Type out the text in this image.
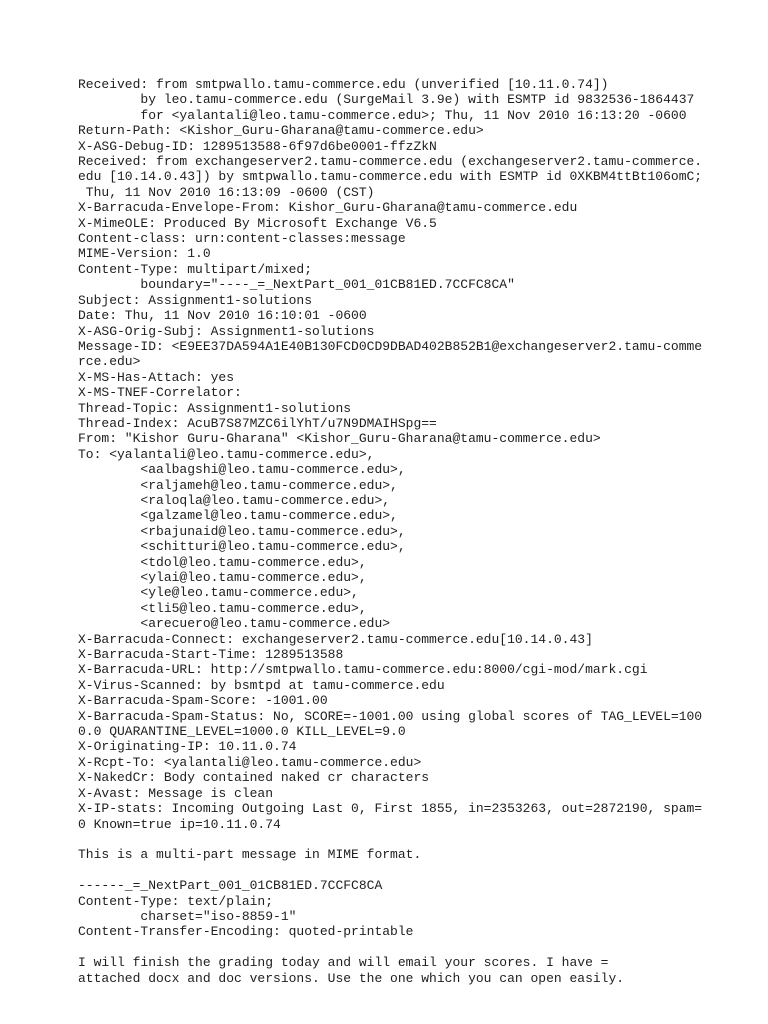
Received: from smtpwallo.tamu-commerce.edu (unverified [10.11.0.74])
by leo.tamu-commerce.edu (SurgeMail 3.9e) with ESMTP id 9832536-1864437
for <yalantali@leo.tamu-commerce.edu>; Thu, 11 Nov 2010 16:13:20 -0600
Return-Path: <Kishor_Guru-Gharana@tamu-commerce.edu>
X-ASG-Debug-ID: 1289513588-6f97d6be0001-ffzZkN
Received: from exchangeserver2.tamu-commerce.edu (exchangeserver2.tamu-commerce.
edu [10.14.0.43]) by smtpwallo.tamu-commerce.edu with ESMTP id 0XKBM4ttBt106omC;
Thu, 11 Nov 2010 16:13:09 -0600 (CST)
X-Barracuda-Envelope-From: Kishor_Guru-Gharana@tamu-commerce.edu
X-MimeOLE: Produced By Microsoft Exchange V6.5
Content-class: urn:content-classes:message
MIME-Version: 1.0
Content-Type: multipart/mixed;
boundary="----_=_NextPart_001_01CB81ED.7CCFC8CA"
Subject: Assignment1-solutions
Date: Thu, 11 Nov 2010 16:10:01 -0600
X-ASG-Orig-Subj: Assignment1-solutions
Message-ID: <E9EE37DA594A1E40B130FCD0CD9DBAD402B852B1@exchangeserver2.tamu-comme
rce.edu>
X-MS-Has-Attach: yes
X-MS-TNEF-Correlator:
Thread-Topic: Assignment1-solutions
Thread-Index: AcuB7S87MZC6ilYhT/u7N9DMAIHSpg==
From: "Kishor Guru-Gharana" <Kishor_Guru-Gharana@tamu-commerce.edu>
To: <yalantali@leo.tamu-commerce.edu>,
<aalbagshi@leo.tamu-commerce.edu>,
<raljameh@leo.tamu-commerce.edu>,
<raloqla@leo.tamu-commerce.edu>,
<galzamel@leo.tamu-commerce.edu>,
<rbajunaid@leo.tamu-commerce.edu>,
<schitturi@leo.tamu-commerce.edu>,
<tdol@leo.tamu-commerce.edu>,
<ylai@leo.tamu-commerce.edu>,
<yle@leo.tamu-commerce.edu>,
<tli5@leo.tamu-commerce.edu>,
<arecuero@leo.tamu-commerce.edu>
X-Barracuda-Connect: exchangeserver2.tamu-commerce.edu[10.14.0.43]
X-Barracuda-Start-Time: 1289513588
X-Barracuda-URL: http://smtpwallo.tamu-commerce.edu:8000/cgi-mod/mark.cgi
X-Virus-Scanned: by bsmtpd at tamu-commerce.edu
X-Barracuda-Spam-Score: -1001.00
X-Barracuda-Spam-Status: No, SCORE=-1001.00 using global scores of TAG_LEVEL=100
0.0 QUARANTINE_LEVEL=1000.0 KILL_LEVEL=9.0
X-Originating-IP: 10.11.0.74
X-Rcpt-To: <yalantali@leo.tamu-commerce.edu>
X-NakedCr: Body contained naked cr characters
X-Avast: Message is clean
X-IP-stats: Incoming Outgoing Last 0, First 1855, in=2353263, out=2872190, spam=
0 Known=true ip=10.11.0.74
This is a multi-part message in MIME format.
------_=_NextPart_001_01CB81ED.7CCFC8CA
Content-Type: text/plain;
charset="iso-8859-1"
Content-Transfer-Encoding: quoted-printable
I will finish the grading today and will email your scores. I have =
attached docx and doc versions. Use the one which you can open easily.
